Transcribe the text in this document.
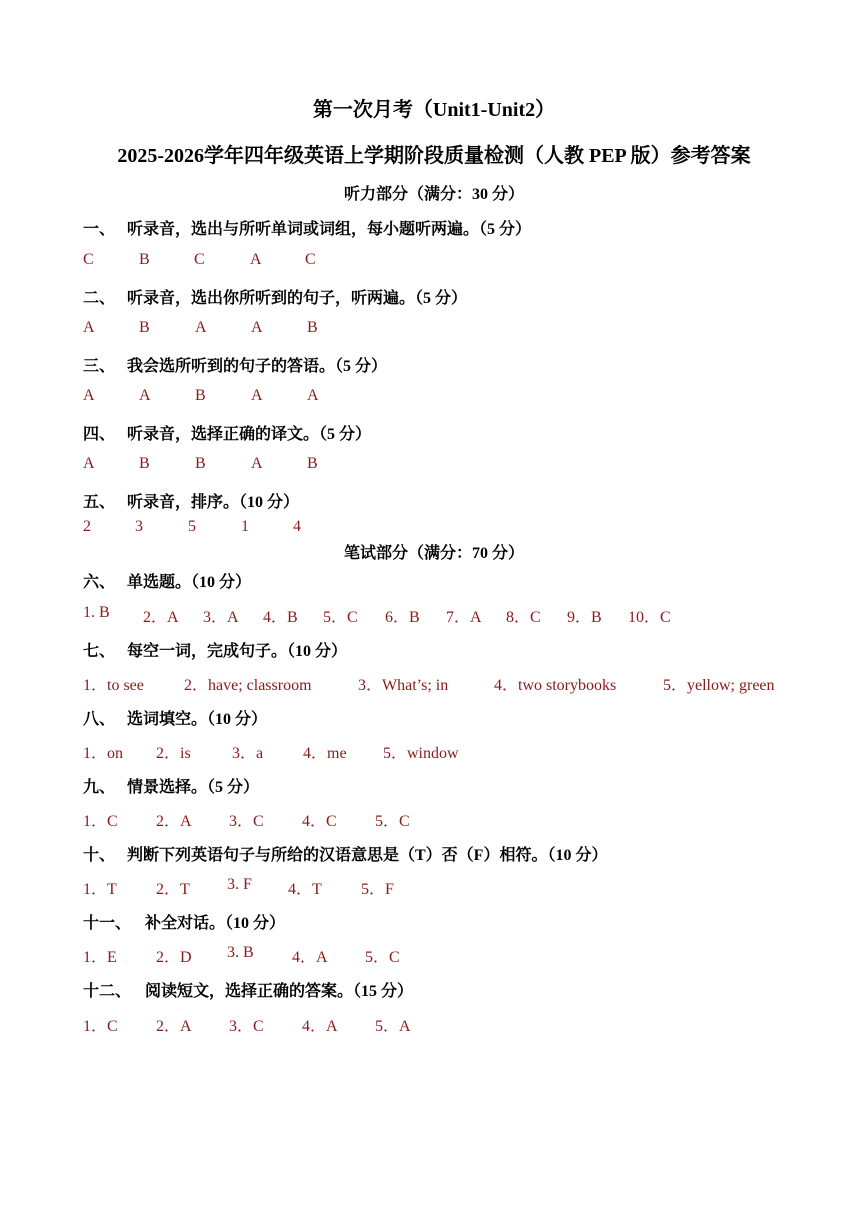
第一次月考（Unit1-Unit2）
2025-2026学年四年级英语上学期阶段质量检测（人教 PEP 版）参考答案
听力部分（满分：30 分）
一、 听录音，选出与所听单词或词组，每小题听两遍。（5 分）
C	B	C	A	C
二、 听录音，选出你所听到的句子，听两遍。（5 分）
A	B	A	A	B
三、 我会选所听到的句子的答语。（5 分）
A	A	B	A	A
四、 听录音，选择正确的译文。（5 分）
A	B	B	A	B
五、 听录音，排序。（10 分）
2	3	5	1	4
笔试部分（满分：70 分）
六、 单选题。（10 分）
1. B 2．A 3．A 4．B 5．C 6．B 7．A 8．C 9．B 10．C
七、 每空一词，完成句子。（10 分）
1．to see	2．have; classroom	3．What’s; in	4．two storybooks	5．yellow; green
八、 选词填空。（10 分）
1．on 2．is	3．a 4．me 5．window
九、 情景选择。（5 分）
1．C 2．A 3．C 4．C 5．C
十、 判断下列英语句子与所给的汉语意思是（T）否（F）相符。（10 分）
1．T 2．T 3. F 4．T 5．F
十一、 补全对话。（10 分）
1．E 2．D 3. B 4．A 5．C
十二、 阅读短文，选择正确的答案。（15 分）
1．C 2．A 3．C 4．A 5．A
